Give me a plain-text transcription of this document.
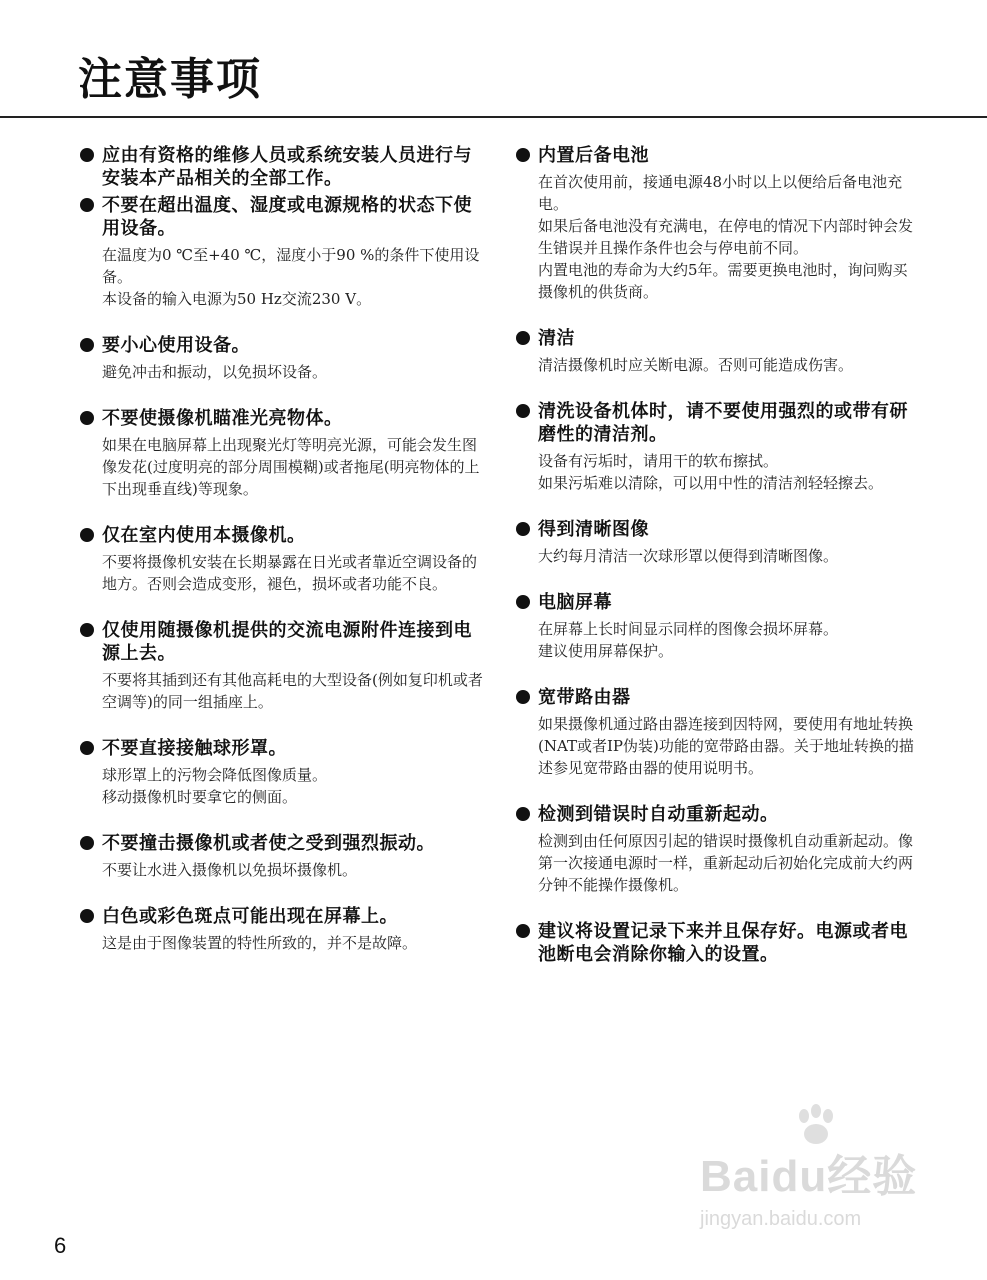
注意事项
应由有资格的维修人员或系统安装人员进行与安装本产品相关的全部工作。
不要在超出温度、湿度或电源规格的状态下使用设备。

在温度为0 ℃至+40 ℃，湿度小于90 %的条件下使用设备。

本设备的输入电源为50 Hz交流230 V。

要小心使用设备。

避免冲击和振动，以免损坏设备。

不要使摄像机瞄准光亮物体。

如果在电脑屏幕上出现聚光灯等明亮光源，可能会发生图像发花(过度明亮的部分周围模糊)或者拖尾(明亮物体的上下出现垂直线)等现象。

仅在室内使用本摄像机。

不要将摄像机安装在长期暴露在日光或者靠近空调设备的地方。否则会造成变形，褪色，损坏或者功能不良。

仅使用随摄像机提供的交流电源附件连接到电源上去。

不要将其插到还有其他高耗电的大型设备(例如复印机或者空调等)的同一组插座上。

不要直接接触球形罩。

球形罩上的污物会降低图像质量。

移动摄像机时要拿它的侧面。

不要撞击摄像机或者使之受到强烈振动。

不要让水进入摄像机以免损坏摄像机。

白色或彩色斑点可能出现在屏幕上。

这是由于图像装置的特性所致的，并不是故障。

内置后备电池

在首次使用前，接通电源48小时以上以便给后备电池充电。

如果后备电池没有充满电，在停电的情况下内部时钟会发生错误并且操作条件也会与停电前不同。

内置电池的寿命为大约5年。需要更换电池时，询问购买摄像机的供货商。

清洁

清洁摄像机时应关断电源。否则可能造成伤害。

清洗设备机体时，请不要使用强烈的或带有研磨性的清洁剂。

设备有污垢时，请用干的软布擦拭。

如果污垢难以清除，可以用中性的清洁剂轻轻擦去。

得到清晰图像

大约每月清洁一次球形罩以便得到清晰图像。

电脑屏幕

在屏幕上长时间显示同样的图像会损坏屏幕。

建议使用屏幕保护。

宽带路由器

如果摄像机通过路由器连接到因特网，要使用有地址转换(NAT或者IP伪装)功能的宽带路由器。关于地址转换的描述参见宽带路由器的使用说明书。

检测到错误时自动重新起动。

检测到由任何原因引起的错误时摄像机自动重新起动。像第一次接通电源时一样，重新起动后初始化完成前大约两分钟不能操作摄像机。

建议将设置记录下来并且保存好。电源或者电池断电会消除你输入的设置。
6
Baidu经验
jingyan.baidu.com
